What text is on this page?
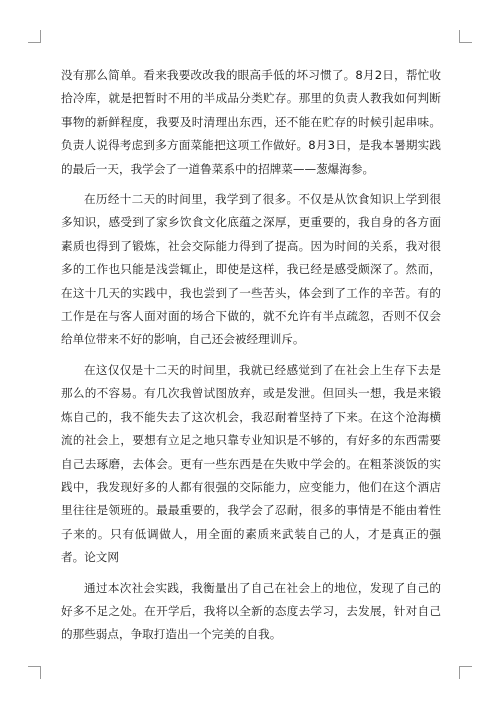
没有那么简单。看来我要改改我的眼高手低的坏习惯了。8月2日，帮忙收拾冷库，就是把暂时不用的半成品分类贮存。那里的负责人教我如何判断事物的新鲜程度，我要及时清理出东西，还不能在贮存的时候引起串味。负责人说得考虑到多方面菜能把这项工作做好。8月3日，是我本暑期实践的最后一天，我学会了一道鲁菜系中的招牌菜——葱爆海参。

在历经十二天的时间里，我学到了很多。不仅是从饮食知识上学到很多知识，感受到了家乡饮食文化底蕴之深厚，更重要的，我自身的各方面素质也得到了锻炼，社会交际能力得到了提高。因为时间的关系，我对很多的工作也只能是浅尝辄止，即使是这样，我已经是感受颇深了。然而，在这十几天的实践中，我也尝到了一些苦头，体会到了工作的辛苦。有的工作是在与客人面对面的场合下做的，就不允许有半点疏忽，否则不仅会给单位带来不好的影响，自己还会被经理训斥。

在这仅仅是十二天的时间里，我就已经感觉到了在社会上生存下去是那么的不容易。有几次我曾试图放弃，或是发泄。但回头一想，我是来锻炼自己的，我不能失去了这次机会，我忍耐着坚持了下来。在这个沧海横流的社会上，要想有立足之地只靠专业知识是不够的，有好多的东西需要自己去琢磨，去体会。更有一些东西是在失败中学会的。在粗茶淡饭的实践中，我发现好多的人都有很强的交际能力，应变能力，他们在这个酒店里往往是领班的。最最重要的，我学会了忍耐，很多的事情是不能由着性子来的。只有低调做人，用全面的素质来武装自己的人，才是真正的强者。论文网

通过本次社会实践，我衡量出了自己在社会上的地位，发现了自己的好多不足之处。在开学后，我将以全新的态度去学习，去发展，针对自己的那些弱点，争取打造出一个完美的自我。
